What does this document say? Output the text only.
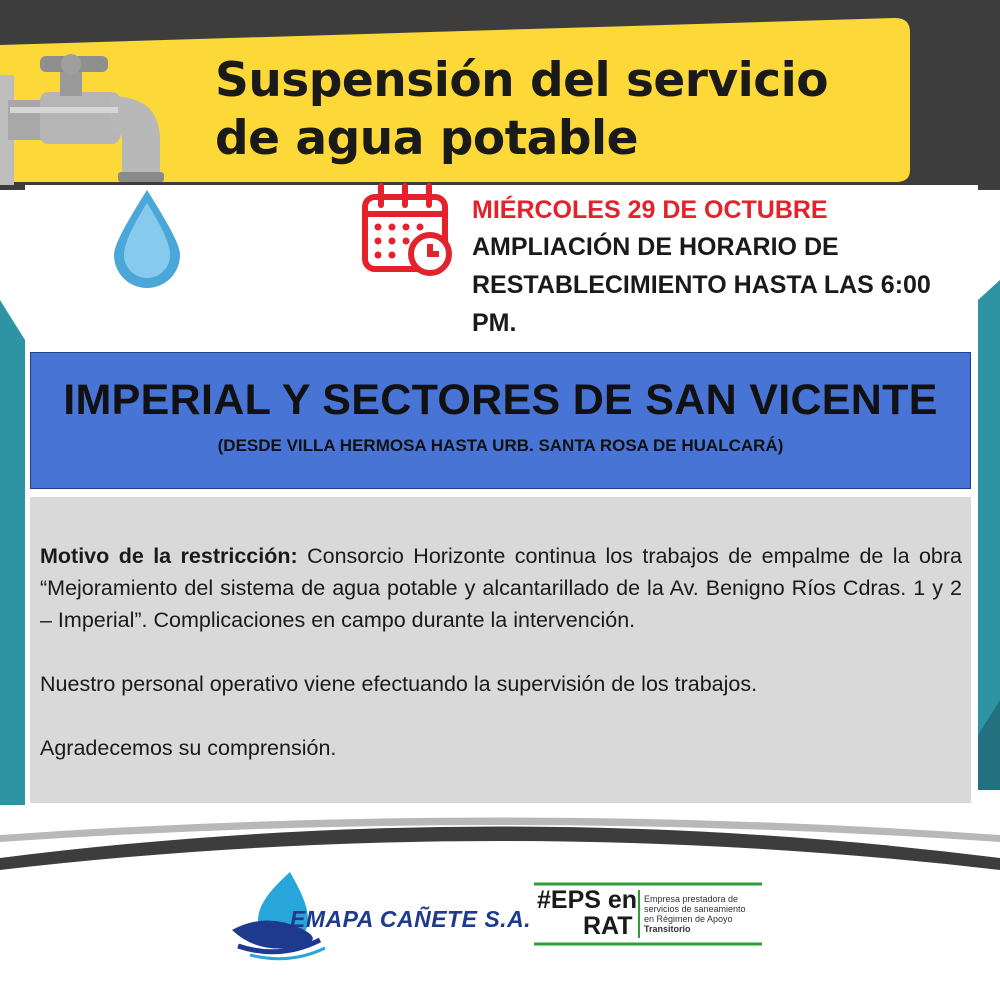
Suspensión del servicio
de agua potable
MIÉRCOLES 29 DE OCTUBRE
AMPLIACIÓN DE HORARIO DE
RESTABLECIMIENTO HASTA LAS 6:00
PM.
IMPERIAL Y SECTORES DE SAN VICENTE
(DESDE VILLA HERMOSA HASTA URB. SANTA ROSA DE HUALCARÁ)

Motivo de la restricción: Consorcio Horizonte continua los trabajos de empalme de la obra “Mejoramiento del sistema de agua potable y alcantarillado de la Av. Benigno Ríos Cdras. 1 y 2 – Imperial”. Complicaciones en campo durante la intervención.

Nuestro personal operativo viene efectuando la supervisión de los trabajos.

Agradecemos su comprensión.

EMAPA CAÑETE S.A.
#EPS en
RAT
Empresa prestadora de
servicios de saneamiento
en Régimen de Apoyo
Transitorio
